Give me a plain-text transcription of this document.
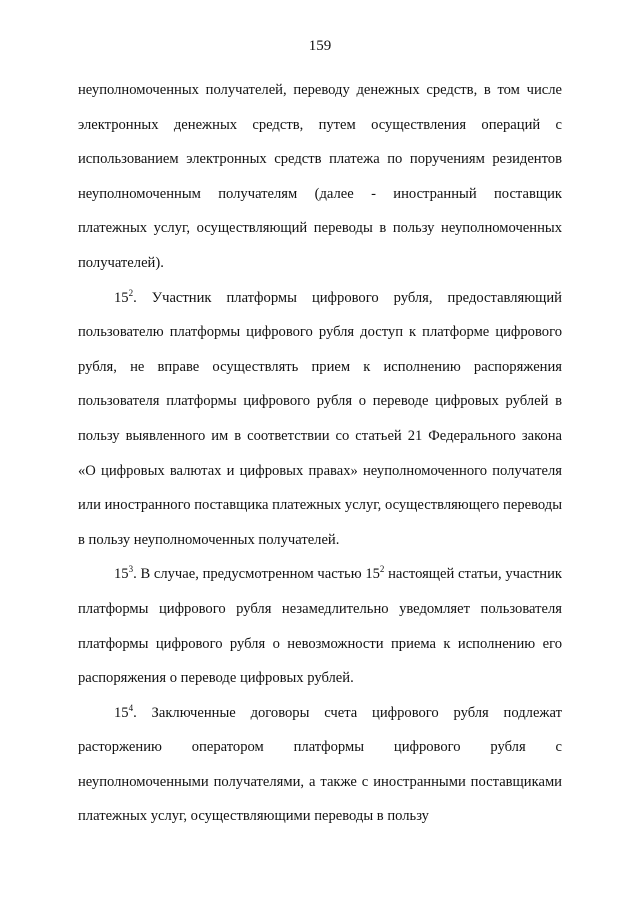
159

неуполномоченных получателей, переводу денежных средств, в том числе электронных денежных средств, путем осуществления операций с использованием электронных средств платежа по поручениям резидентов неуполномоченным получателям (далее - иностранный поставщик платежных услуг, осуществляющий переводы в пользу неуполномоченных получателей).

$15^2$. Участник платформы цифрового рубля, предоставляющий пользователю платформы цифрового рубля доступ к платформе цифрового рубля, не вправе осуществлять прием к исполнению распоряжения пользователя платформы цифрового рубля о переводе цифровых рублей в пользу выявленного им в соответствии со статьей 21 Федерального закона «О цифровых валютах и цифровых правах» неуполномоченного получателя или иностранного поставщика платежных услуг, осуществляющего переводы в пользу неуполномоченных получателей.

$15^3$. В случае, предусмотренном частью $15^2$ настоящей статьи, участник платформы цифрового рубля незамедлительно уведомляет пользователя платформы цифрового рубля о невозможности приема к исполнению его распоряжения о переводе цифровых рублей.

$15^4$. Заключенные договоры счета цифрового рубля подлежат расторжению оператором платформы цифрового рубля с неуполномоченными получателями, а также с иностранными поставщиками платежных услуг, осуществляющими переводы в пользу
